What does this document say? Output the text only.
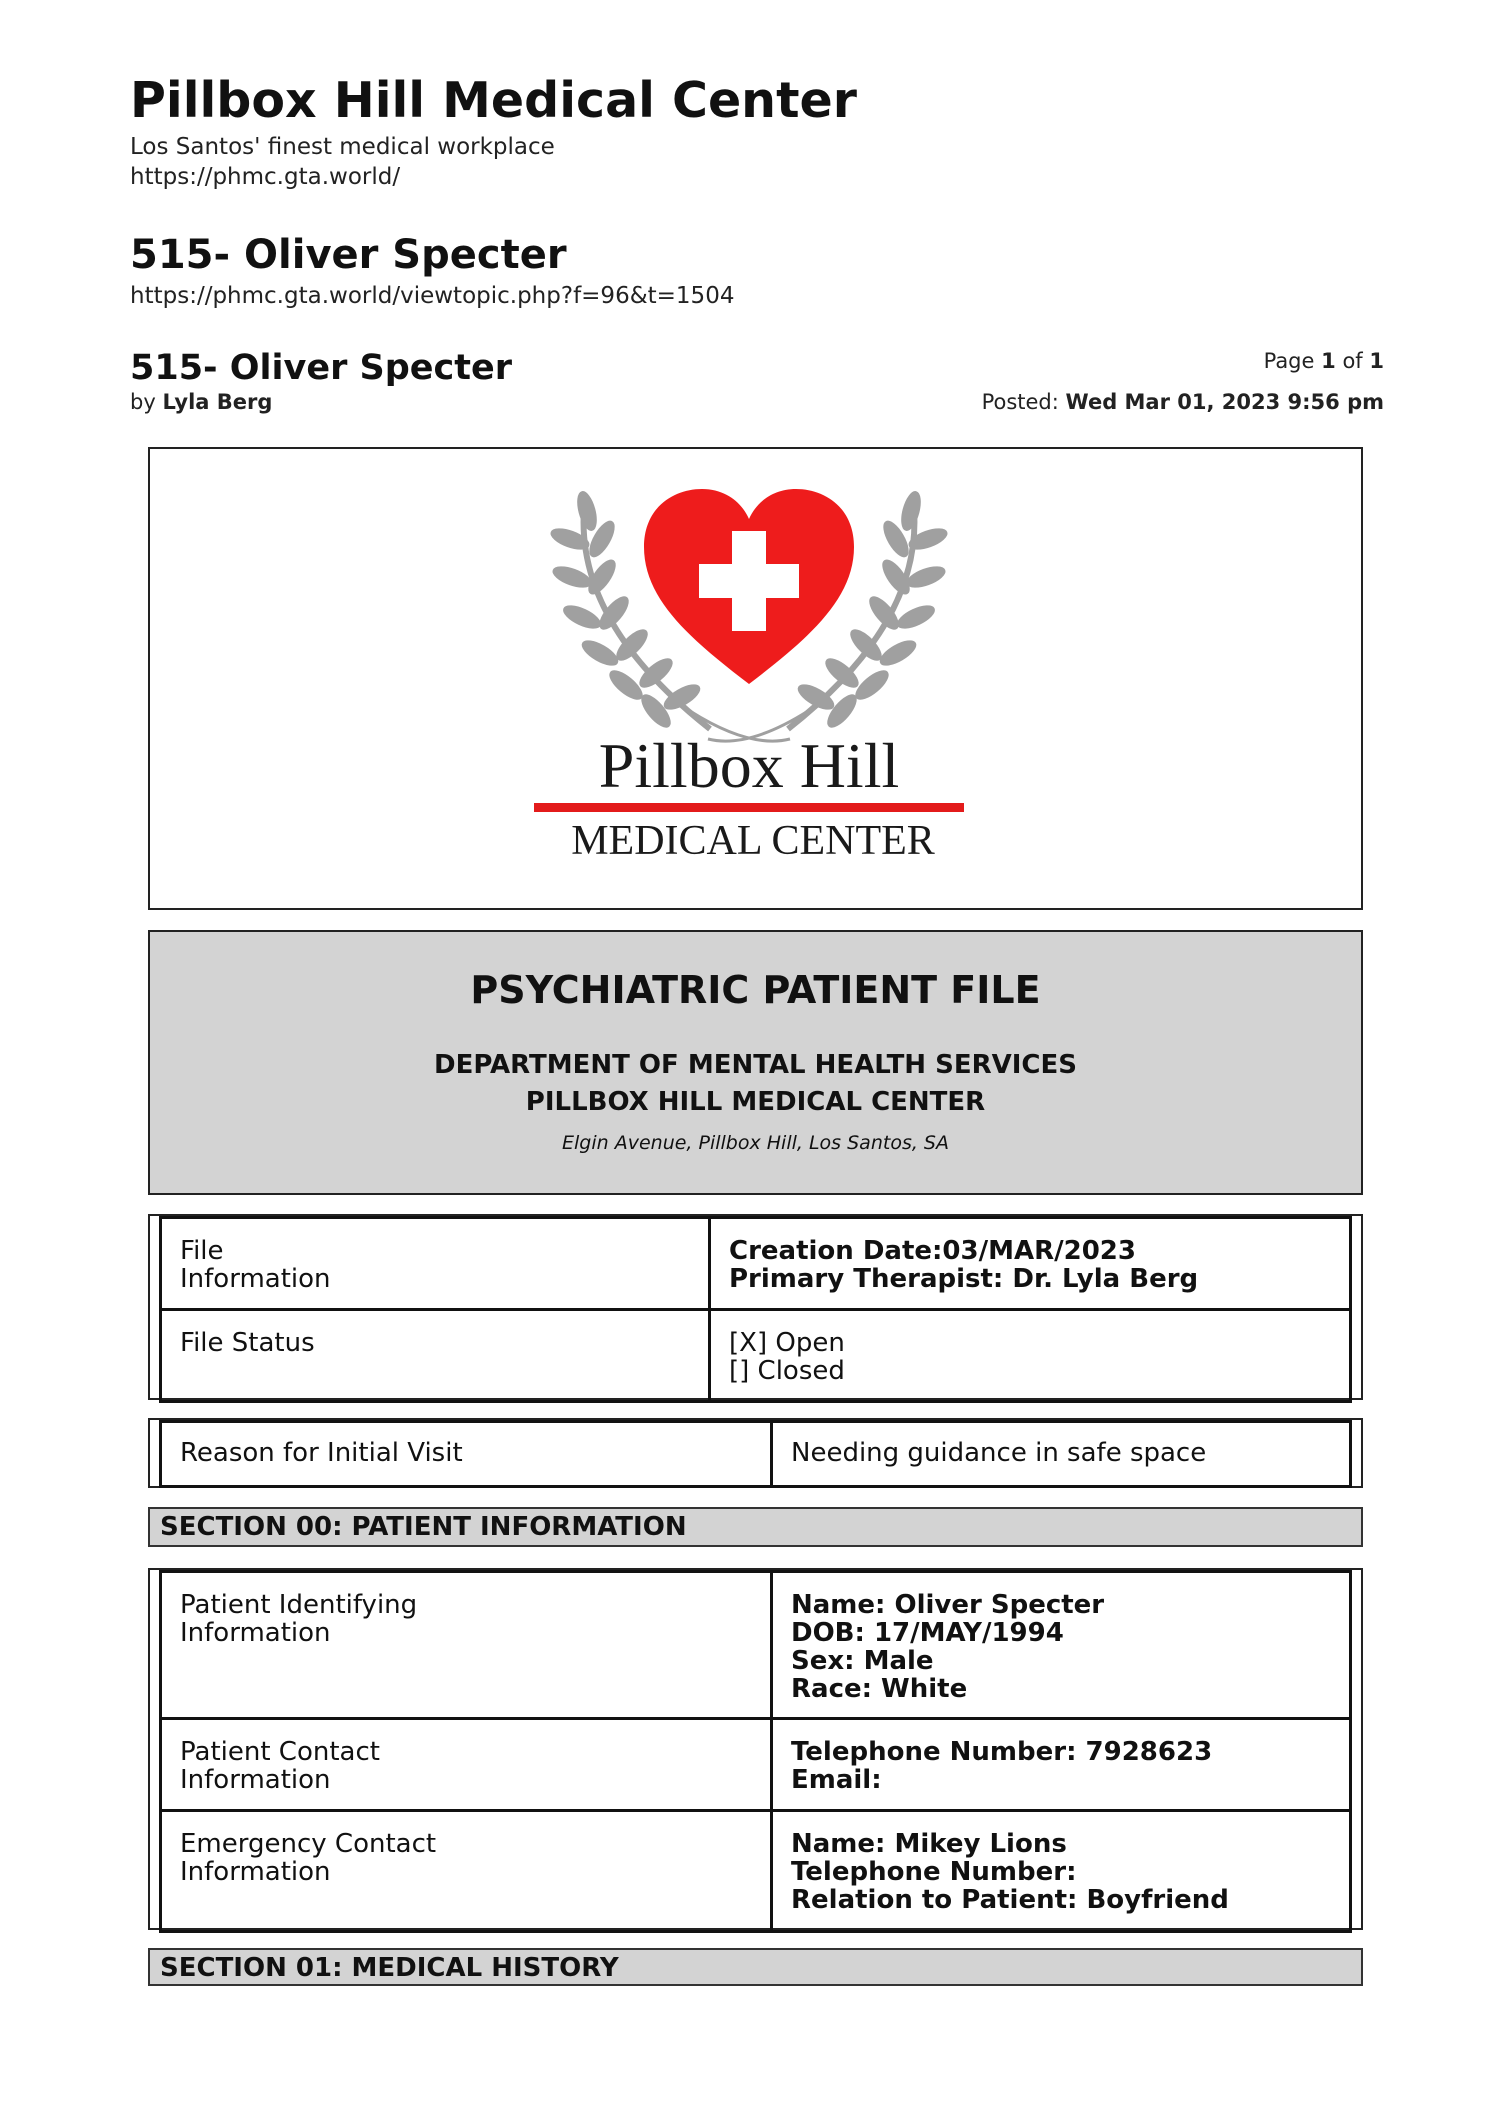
Pillbox Hill Medical Center
Los Santos' finest medical workplace
https://phmc.gta.world/
515- Oliver Specter
https://phmc.gta.world/viewtopic.php?f=96&t=1504
515- Oliver Specter
by Lyla Berg
Page 1 of 1
Posted: Wed Mar 01, 2023 9:56 pm
Pillbox Hill
MEDICAL CENTER
PSYCHIATRIC PATIENT FILE
DEPARTMENT OF MENTAL HEALTH SERVICES
PILLBOX HILL MEDICAL CENTER
Elgin Avenue, Pillbox Hill, Los Santos, SA
File
Information	Creation Date:03/MAR/2023
Primary Therapist: Dr. Lyla Berg

File Status	[X] Open
[] Closed
Reason for Initial Visit	Needing guidance in safe space
SECTION 00: PATIENT INFORMATION
Patient Identifying
Information	Name: Oliver Specter
DOB: 17/MAY/1994
Sex: Male
Race: White

Patient Contact
Information	Telephone Number: 7928623
Email:

Emergency Contact
Information	Name: Mikey Lions
Telephone Number:
Relation to Patient: Boyfriend
SECTION 01: MEDICAL HISTORY
